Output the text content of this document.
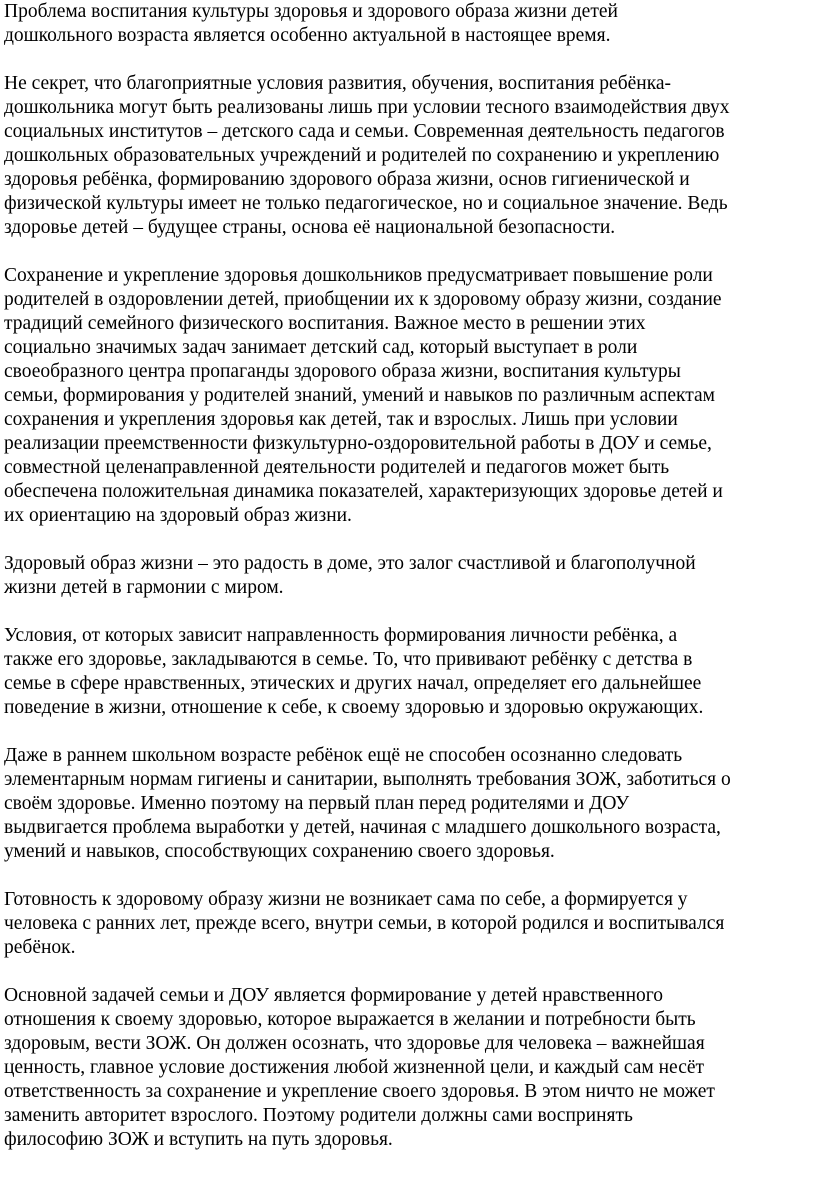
Проблема воспитания культуры здоровья и здорового образа жизни детей
дошкольного возраста является особенно актуальной в настоящее время.

Не секрет, что благоприятные условия развития, обучения, воспитания ребёнка-
дошкольника могут быть реализованы лишь при условии тесного взаимодействия двух
социальных институтов – детского сада и семьи. Современная деятельность педагогов
дошкольных образовательных учреждений и родителей по сохранению и укреплению
здоровья ребёнка, формированию здорового образа жизни, основ гигиенической и
физической культуры имеет не только педагогическое, но и социальное значение. Ведь
здоровье детей – будущее страны, основа её национальной безопасности.

Сохранение и укрепление здоровья дошкольников предусматривает повышение роли
родителей в оздоровлении детей, приобщении их к здоровому образу жизни, создание
традиций семейного физического воспитания. Важное место в решении этих
социально значимых задач занимает детский сад, который выступает в роли
своеобразного центра пропаганды здорового образа жизни, воспитания культуры
семьи, формирования у родителей знаний, умений и навыков по различным аспектам
сохранения и укрепления здоровья как детей, так и взрослых. Лишь при условии
реализации преемственности физкультурно-оздоровительной работы в ДОУ и семье,
совместной целенаправленной деятельности родителей и педагогов может быть
обеспечена положительная динамика показателей, характеризующих здоровье детей и
их ориентацию на здоровый образ жизни.

Здоровый образ жизни – это радость в доме, это залог счастливой и благополучной
жизни детей в гармонии с миром.

Условия, от которых зависит направленность формирования личности ребёнка, а
также его здоровье, закладываются в семье. То, что прививают ребёнку с детства в
семье в сфере нравственных, этических и других начал, определяет его дальнейшее
поведение в жизни, отношение к себе, к своему здоровью и здоровью окружающих.

Даже в раннем школьном возрасте ребёнок ещё не способен осознанно следовать
элементарным нормам гигиены и санитарии, выполнять требования ЗОЖ, заботиться о
своём здоровье. Именно поэтому на первый план перед родителями и ДОУ
выдвигается проблема выработки у детей, начиная с младшего дошкольного возраста,
умений и навыков, способствующих сохранению своего здоровья.

Готовность к здоровому образу жизни не возникает сама по себе, а формируется у
человека с ранних лет, прежде всего, внутри семьи, в которой родился и воспитывался
ребёнок.

Основной задачей семьи и ДОУ является формирование у детей нравственного
отношения к своему здоровью, которое выражается в желании и потребности быть
здоровым, вести ЗОЖ. Он должен осознать, что здоровье для человека – важнейшая
ценность, главное условие достижения любой жизненной цели, и каждый сам несёт
ответственность за сохранение и укрепление своего здоровья. В этом ничто не может
заменить авторитет взрослого. Поэтому родители должны сами воспринять
философию ЗОЖ и вступить на путь здоровья.
